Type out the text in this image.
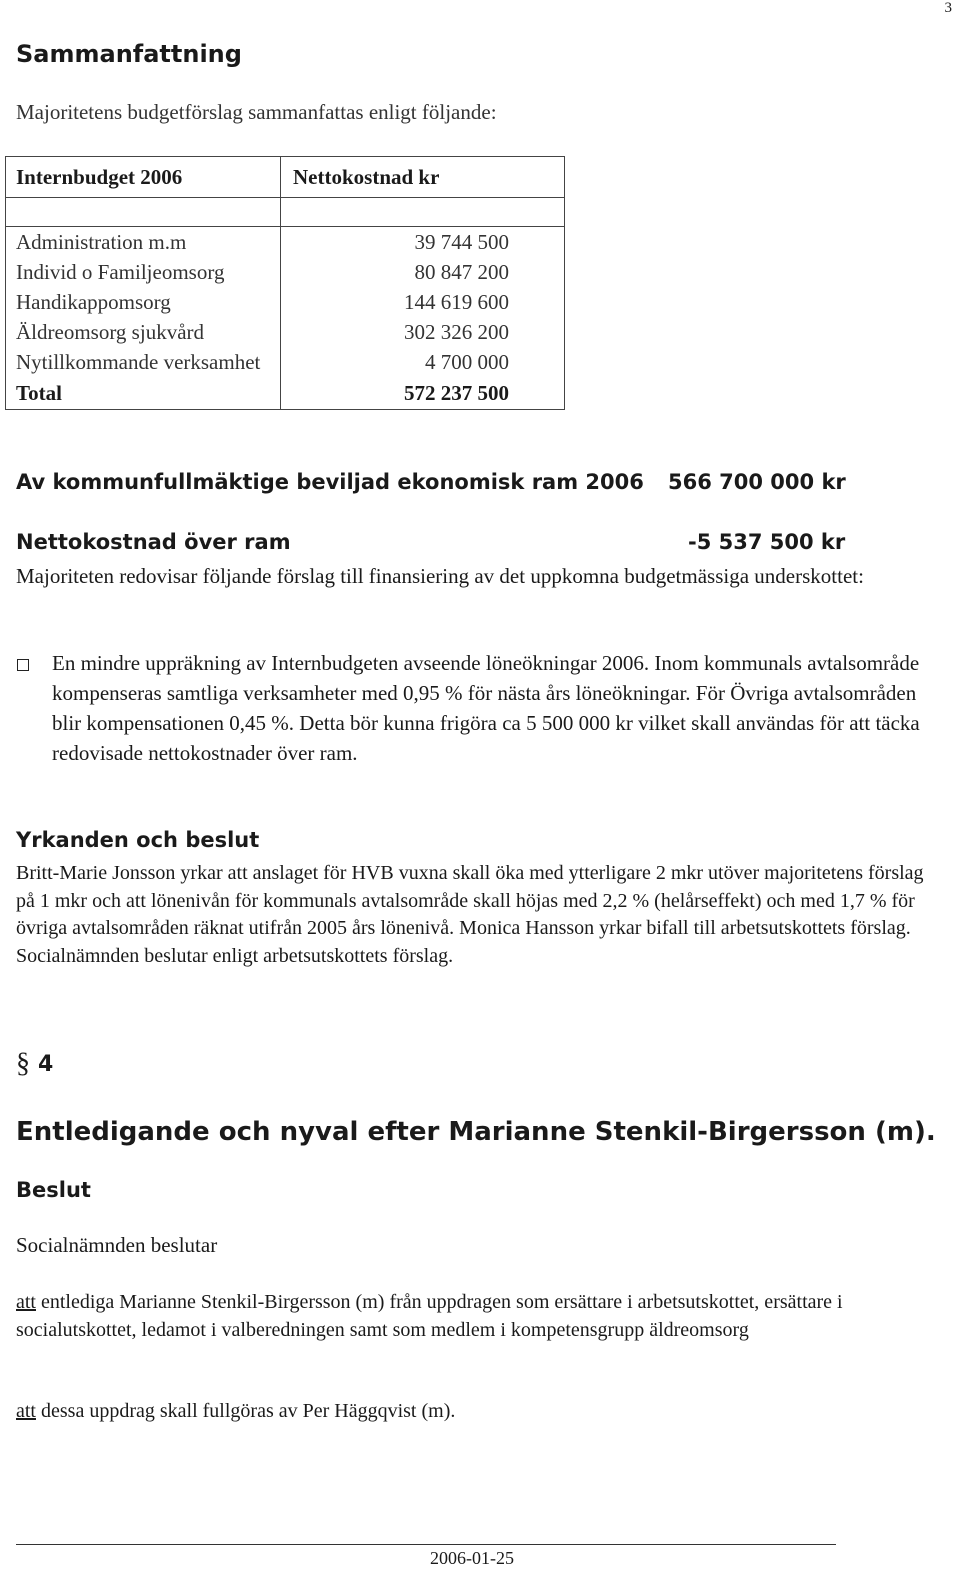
3
Sammanfattning
Majoritetens budgetförslag sammanfattas enligt följande:
Internbudget 2006	Nettokostnad kr

Administration m.m	39 744 500
Individ o Familjeomsorg	80 847 200
Handikappomsorg	144 619 600
Äldreomsorg sjukvård	302 326 200
Nytillkommande verksamhet	4 700 000
Total	572 237 500
Av kommunfullmäktige beviljad ekonomisk ram 2006 566 700 000 kr
Nettokostnad över ram	-5 537 500 kr
Majoriteten redovisar följande förslag till finansiering av det uppkomna budgetmässiga underskottet:
En mindre uppräkning av Internbudgeten avseende löneökningar 2006. Inom kommunals avtalsområde kompenseras samtliga verksamheter med 0,95 % för nästa års löneökningar. För Övriga avtalsområden blir kompensationen 0,45 %. Detta bör kunna frigöra ca 5 500 000 kr vilket skall användas för att täcka redovisade nettokostnader över ram.
Yrkanden och beslut
Britt-Marie Jonsson yrkar att anslaget för HVB vuxna skall öka med ytterligare 2 mkr utöver majoritetens förslag på 1 mkr och att lönenivån för kommunals avtalsområde skall höjas med 2,2 % (helårseffekt) och med 1,7 % för övriga avtalsområden räknat utifrån 2005 års lönenivå. Monica Hansson yrkar bifall till arbetsutskottets förslag. Socialnämnden beslutar enligt arbetsutskottets förslag.
§ 4
Entledigande och nyval efter Marianne Stenkil-Birgersson (m).
Beslut
Socialnämnden beslutar
att entlediga Marianne Stenkil-Birgersson (m) från uppdragen som ersättare i arbetsutskottet, ersättare i socialutskottet, ledamot i valberedningen samt som medlem i kompetensgrupp äldreomsorg
att dessa uppdrag skall fullgöras av Per Häggqvist (m).
2006-01-25
